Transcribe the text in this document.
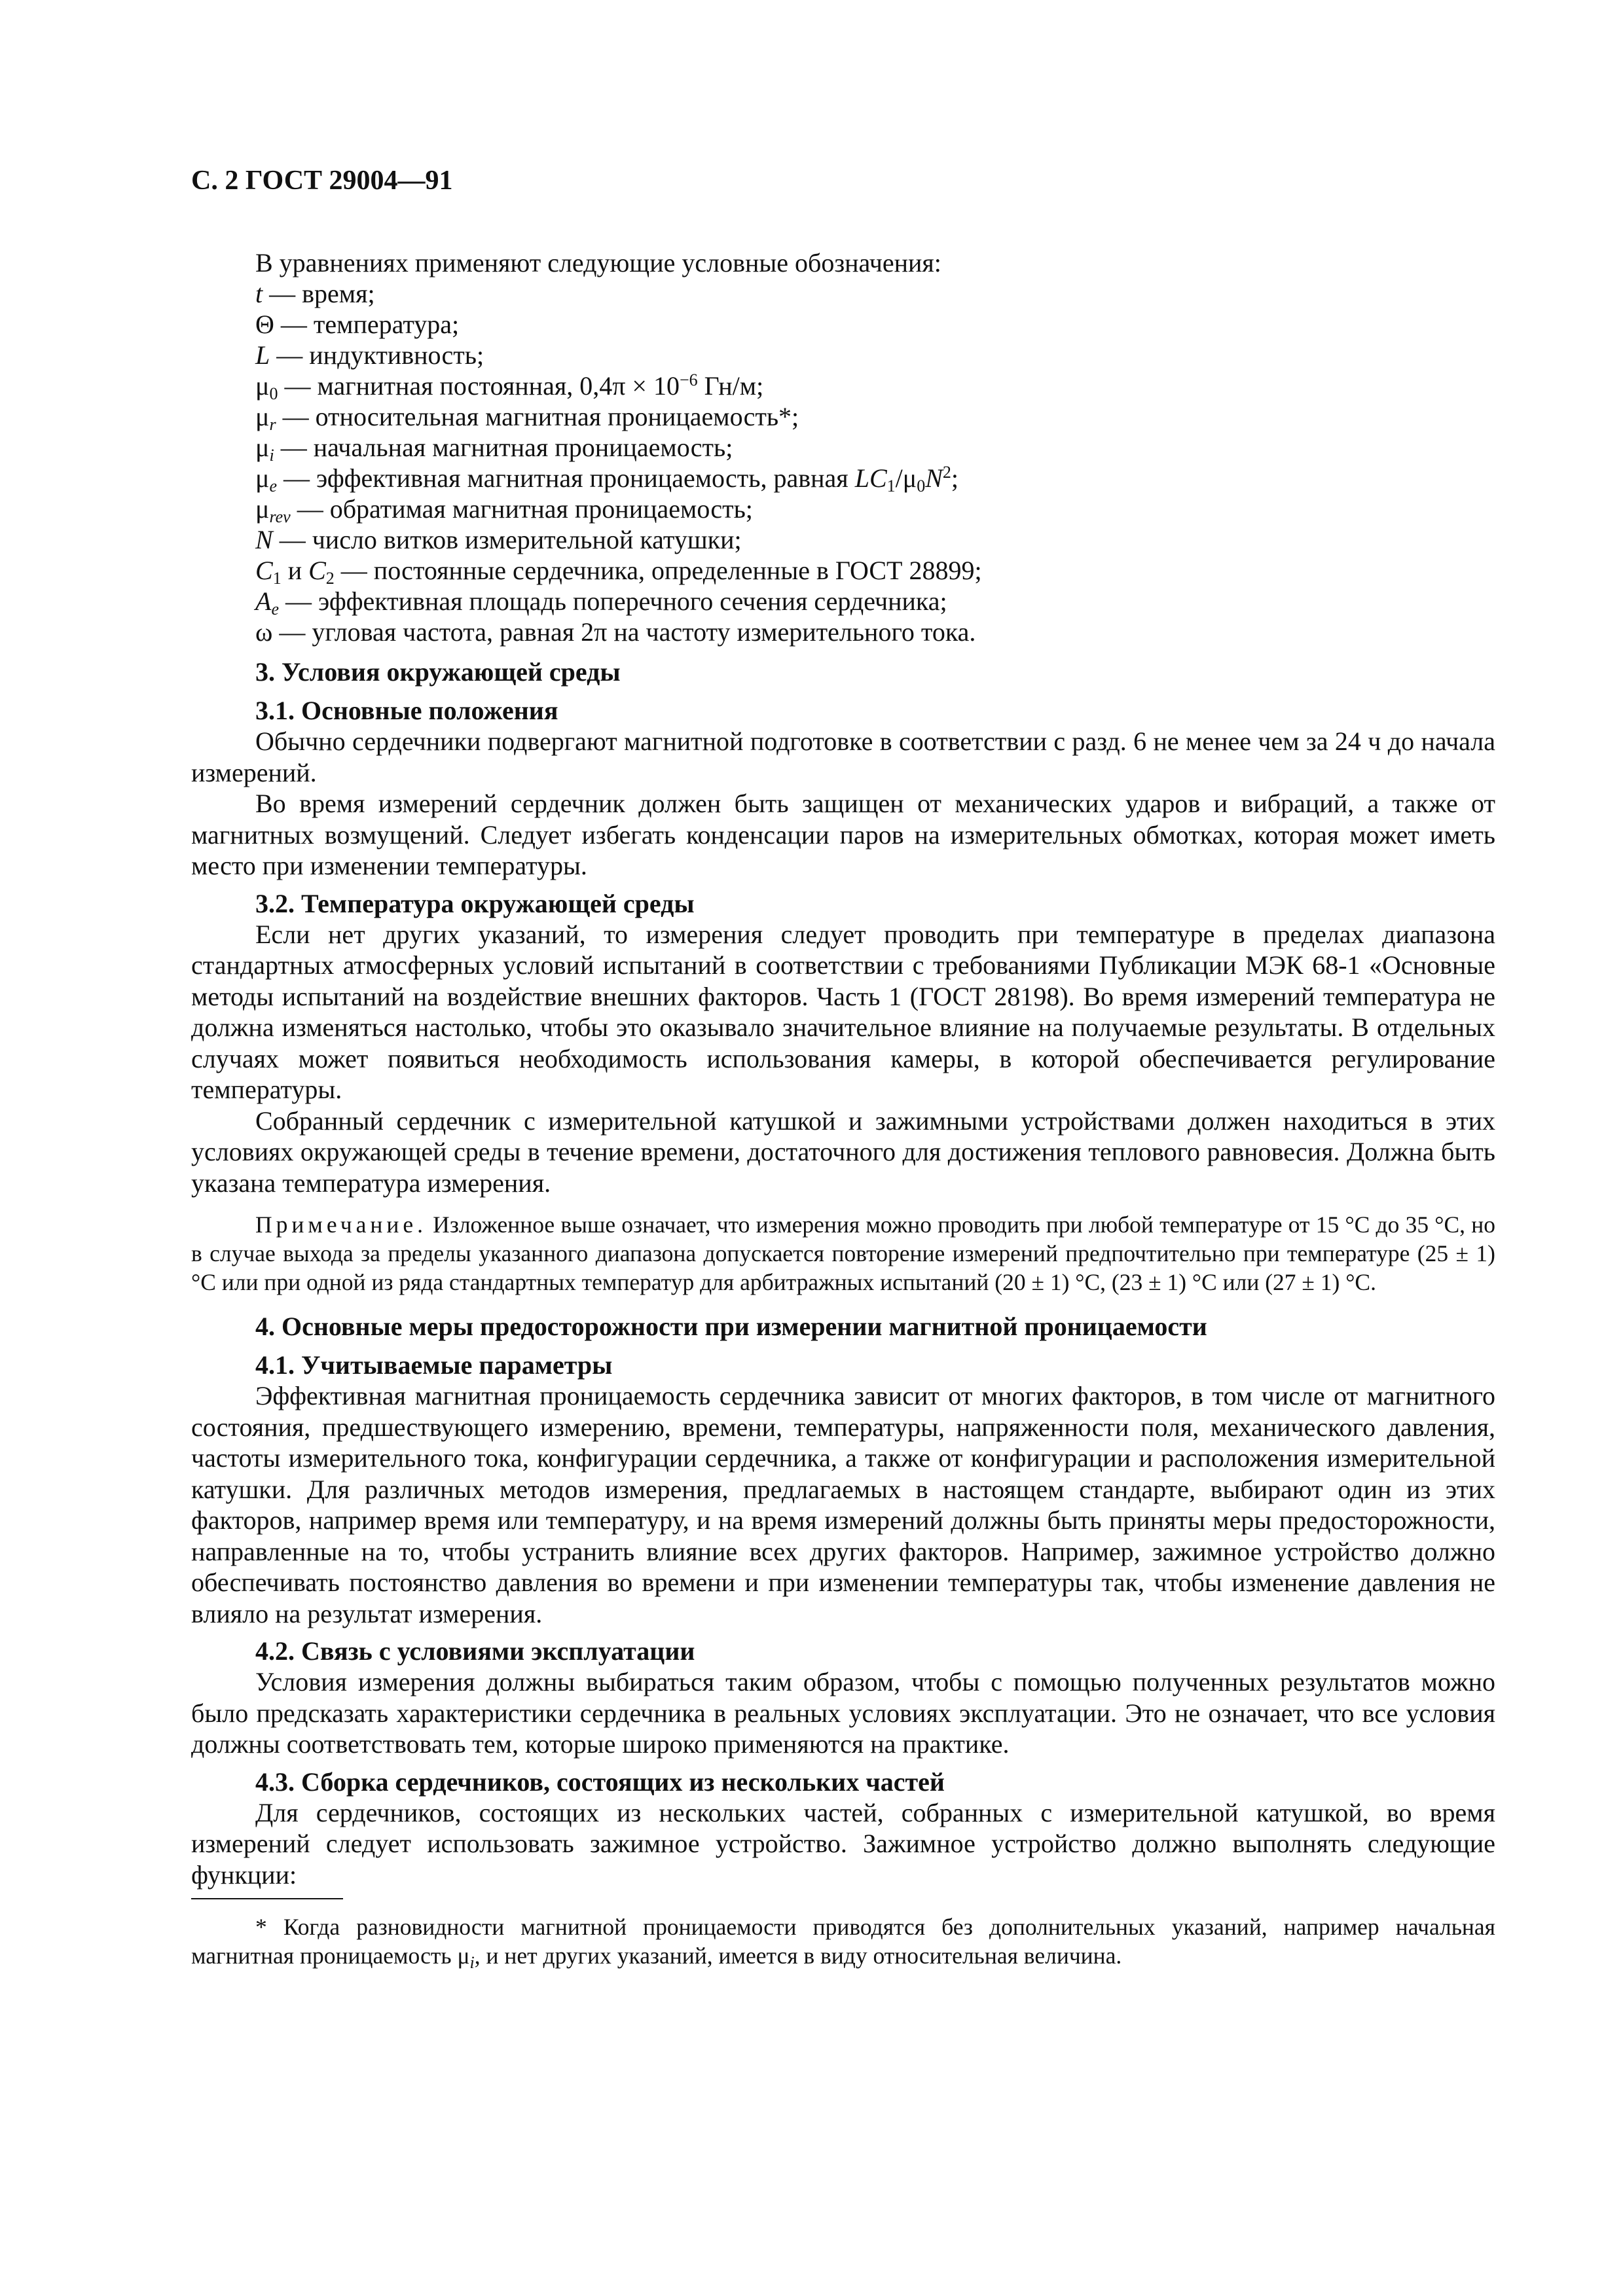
С. 2 ГОСТ 29004—91
В уравнениях применяют следующие условные обозначения:
t — время;
Θ — температура;
L — индуктивность;
$\mu_0$ — магнитная постоянная, $0,4\pi \times 10^{-6}$ Гн/м;
$\mu_r$ — относительная магнитная проницаемость*;
$\mu_i$ — начальная магнитная проницаемость;
$\mu_e$ — эффективная магнитная проницаемость, равная $LC_1/\mu_0N^2$;
$\mu_{rev}$ — обратимая магнитная проницаемость;
N — число витков измерительной катушки;
$C_1$ и $C_2$ — постоянные сердечника, определенные в ГОСТ 28899;
$A_e$ — эффективная площадь поперечного сечения сердечника;
ω — угловая частота, равная 2π на частоту измерительного тока.
3. Условия окружающей среды
3.1. Основные положения

Обычно сердечники подвергают магнитной подготовке в соответствии с разд. 6 не менее чем за 24 ч до начала измерений.

Во время измерений сердечник должен быть защищен от механических ударов и вибраций, а также от магнитных возмущений. Следует избегать конденсации паров на измерительных обмотках, которая может иметь место при изменении температуры.

3.2. Температура окружающей среды

Если нет других указаний, то измерения следует проводить при температуре в пределах диапазона стандартных атмосферных условий испытаний в соответствии с требованиями Публикации МЭК 68-1 «Основные методы испытаний на воздействие внешних факторов. Часть 1 (ГОСТ 28198). Во время измерений температура не должна изменяться настолько, чтобы это оказывало значительное влияние на получаемые результаты. В отдельных случаях может появиться необходимость использования камеры, в которой обеспечивается регулирование температуры.

Собранный сердечник с измерительной катушкой и зажимными устройствами должен находиться в этих условиях окружающей среды в течение времени, достаточного для достижения теплового равновесия. Должна быть указана температура измерения.

Примечание. Изложенное выше означает, что измерения можно проводить при любой температуре от 15 °С до 35 °С, но в случае выхода за пределы указанного диапазона допускается повторение измерений предпочтительно при температуре (25 ± 1) °С или при одной из ряда стандартных температур для арбитражных испытаний (20 ± 1) °С, (23 ± 1) °С или (27 ± 1) °С.

4. Основные меры предосторожности при измерении магнитной проницаемости
4.1. Учитываемые параметры

Эффективная магнитная проницаемость сердечника зависит от многих факторов, в том числе от магнитного состояния, предшествующего измерению, времени, температуры, напряженности поля, механического давления, частоты измерительного тока, конфигурации сердечника, а также от конфигурации и расположения измерительной катушки. Для различных методов измерения, предлагаемых в настоящем стандарте, выбирают один из этих факторов, например время или температуру, и на время измерений должны быть приняты меры предосторожности, направленные на то, чтобы устранить влияние всех других факторов. Например, зажимное устройство должно обеспечивать постоянство давления во времени и при изменении температуры так, чтобы изменение давления не влияло на результат измерения.

4.2. Связь с условиями эксплуатации

Условия измерения должны выбираться таким образом, чтобы с помощью полученных результатов можно было предсказать характеристики сердечника в реальных условиях эксплуатации. Это не означает, что все условия должны соответствовать тем, которые широко применяются на практике.

4.3. Сборка сердечников, состоящих из нескольких частей

Для сердечников, состоящих из нескольких частей, собранных с измерительной катушкой, во время измерений следует использовать зажимное устройство. Зажимное устройство должно выполнять следующие функции:

* Когда разновидности магнитной проницаемости приводятся без дополнительных указаний, например начальная магнитная проницаемость $\mu_i$, и нет других указаний, имеется в виду относительная величина.
